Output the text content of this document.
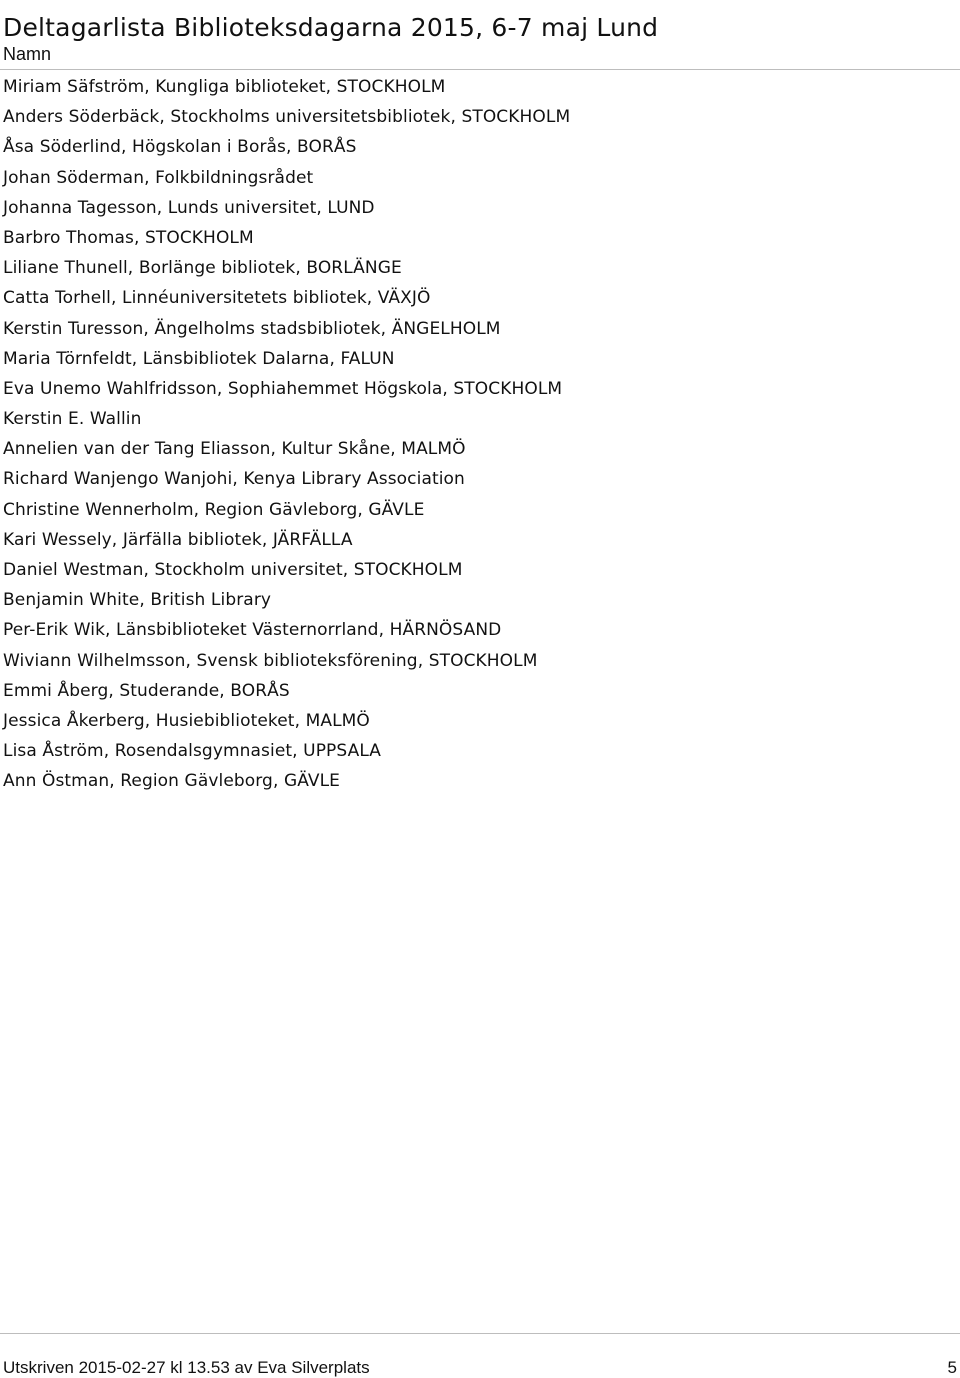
Deltagarlista Biblioteksdagarna 2015, 6-7 maj Lund
Namn
Miriam Säfström, Kungliga biblioteket, STOCKHOLM
Anders Söderbäck, Stockholms universitetsbibliotek, STOCKHOLM
Åsa Söderlind, Högskolan i Borås, BORÅS
Johan Söderman, Folkbildningsrådet
Johanna Tagesson, Lunds universitet, LUND
Barbro Thomas, STOCKHOLM
Liliane Thunell, Borlänge bibliotek, BORLÄNGE
Catta Torhell, Linnéuniversitetets bibliotek, VÄXJÖ
Kerstin Turesson, Ängelholms stadsbibliotek, ÄNGELHOLM
Maria Törnfeldt, Länsbibliotek Dalarna, FALUN
Eva Unemo Wahlfridsson, Sophiahemmet Högskola, STOCKHOLM
Kerstin E. Wallin
Annelien van der Tang Eliasson, Kultur Skåne, MALMÖ
Richard Wanjengo Wanjohi, Kenya Library Association
Christine Wennerholm, Region Gävleborg, GÄVLE
Kari Wessely, Järfälla bibliotek, JÄRFÄLLA
Daniel Westman, Stockholm universitet, STOCKHOLM
Benjamin White, British Library
Per-Erik Wik, Länsbiblioteket Västernorrland, HÄRNÖSAND
Wiviann Wilhelmsson, Svensk biblioteksförening, STOCKHOLM
Emmi Åberg, Studerande, BORÅS
Jessica Åkerberg, Husiebiblioteket, MALMÖ
Lisa Åström, Rosendalsgymnasiet, UPPSALA
Ann Östman, Region Gävleborg, GÄVLE
Utskriven 2015-02-27 kl 13.53 av Eva Silverplats	5
